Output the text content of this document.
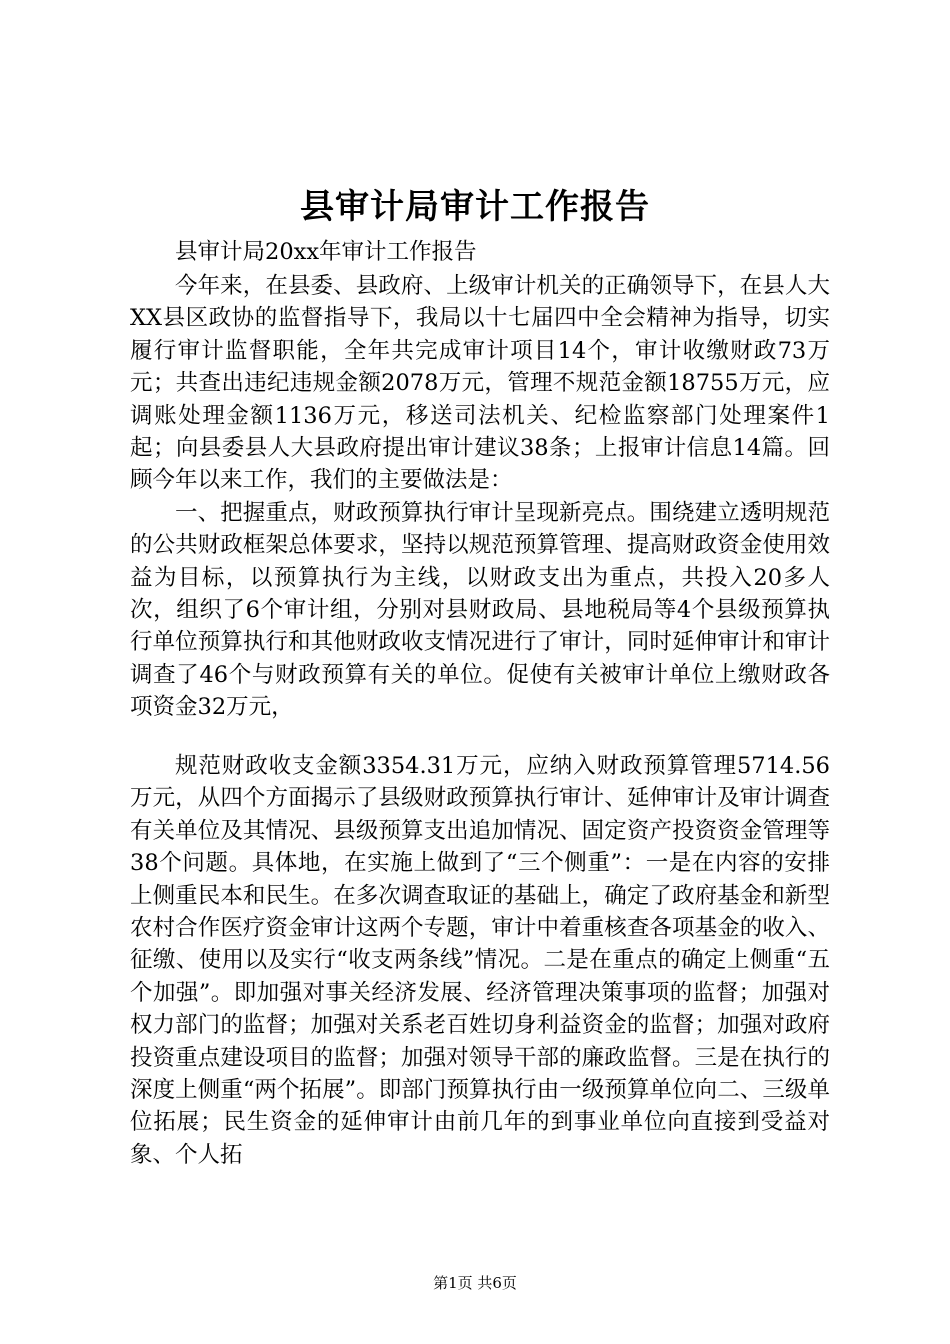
县审计局审计工作报告
县审计局20xx年审计工作报告

今年来，在县委、县政府、上级审计机关的正确领导下，在县人大XX县区政协的监督指导下，我局以十七届四中全会精神为指导，切实履行审计监督职能，全年共完成审计项目14个，审计收缴财政73万元；共查出违纪违规金额2078万元，管理不规范金额18755万元，应调账处理金额1136万元，移送司法机关、纪检监察部门处理案件1起；向县委县人大县政府提出审计建议38条；上报审计信息14篇。回顾今年以来工作，我们的主要做法是：

一、把握重点，财政预算执行审计呈现新亮点。围绕建立透明规范的公共财政框架总体要求，坚持以规范预算管理、提高财政资金使用效益为目标，以预算执行为主线，以财政支出为重点，共投入20多人次，组织了6个审计组，分别对县财政局、县地税局等4个县级预算执行单位预算执行和其他财政收支情况进行了审计，同时延伸审计和审计调查了46个与财政预算有关的单位。促使有关被审计单位上缴财政各项资金32万元，

规范财政收支金额3354.31万元，应纳入财政预算管理5714.56万元，从四个方面揭示了县级财政预算执行审计、延伸审计及审计调查有关单位及其情况、县级预算支出追加情况、固定资产投资资金管理等38个问题。具体地，在实施上做到了“三个侧重”：一是在内容的安排上侧重民本和民生。在多次调查取证的基础上，确定了政府基金和新型农村合作医疗资金审计这两个专题，审计中着重核查各项基金的收入、征缴、使用以及实行“收支两条线”情况。二是在重点的确定上侧重“五个加强”。即加强对事关经济发展、经济管理决策事项的监督；加强对权力部门的监督；加强对关系老百姓切身利益资金的监督；加强对政府投资重点建设项目的监督；加强对领导干部的廉政监督。三是在执行的深度上侧重“两个拓展”。即部门预算执行由一级预算单位向二、三级单位拓展；民生资金的延伸审计由前几年的到事业单位向直接到受益对象、个人拓

第1页 共6页
